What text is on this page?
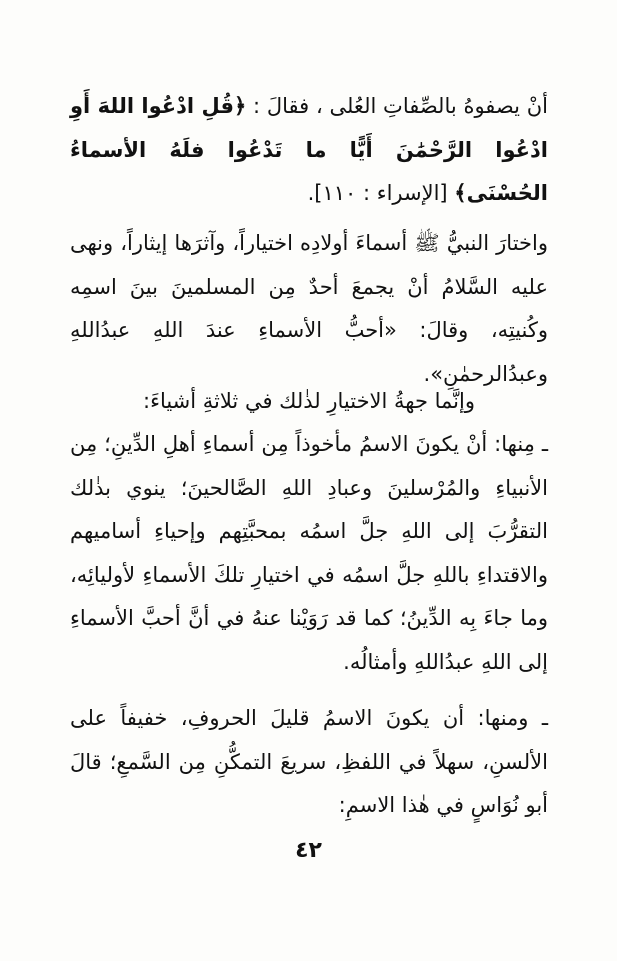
أنْ يصفوهُ بالصِّفاتِ العُلى ، فقالَ : ﴿قُلِ ادْعُوا اللهَ أَوِ ادْعُوا الرَّحْمَٰنَ أَيًّا ما تَدْعُوا فلَهُ الأسماءُ الحُسْنَى﴾ [الإسراء : ١١٠].
واختارَ النبيُّ ﷺ أسماءَ أولادِه اختياراً، وآثرَها إيثاراً، ونهى عليه السَّلامُ أنْ يجمعَ أحدٌ مِن المسلمينَ بينَ اسمِه وكُنيتِه، وقالَ: «أحبُّ الأسماءِ عندَ اللهِ عبدُاللهِ وعبدُالرحمٰنِ».
وإنَّما جهةُ الاختيارِ لذٰلك في ثلاثةِ أشياءَ:
ـ مِنها: أنْ يكونَ الاسمُ مأخوذاً مِن أسماءِ أهلِ الدِّينِ؛ مِن الأنبياءِ والمُرْسلينَ وعبادِ اللهِ الصَّالحينَ؛ ينوي بذٰلك التقرُّبَ إلى اللهِ جلَّ اسمُه بمحبَّتِهم وإحياءِ أساميهم والاقتداءِ باللهِ جلَّ اسمُه في اختيارِ تلكَ الأسماءِ لأوليائِه، وما جاءَ بِه الدِّينُ؛ كما قد رَوَيْنا عنهُ في أنَّ أحبَّ الأسماءِ إلى اللهِ عبدُاللهِ وأمثالُه.
ـ ومنها: أن يكونَ الاسمُ قليلَ الحروفِ، خفيفاً على الألسنِ، سهلاً في اللفظِ، سريعَ التمكُّنِ مِن السَّمعِ؛ قالَ أبو نُوَاسٍ في هٰذا الاسمِ:
٤٢
